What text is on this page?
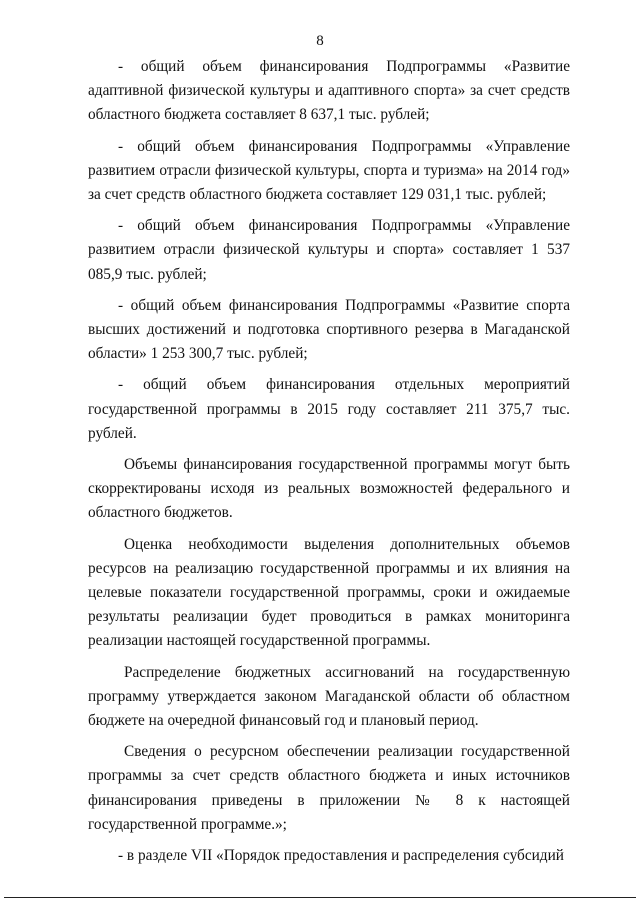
8

- общий объем финансирования Подпрограммы «Развитие адаптивной физической культуры и адаптивного спорта» за счет средств областного бюджета составляет 8 637,1 тыс. рублей;

- общий объем финансирования Подпрограммы «Управление развитием отрасли физической культуры, спорта и туризма» на 2014 год» за счет средств областного бюджета составляет 129 031,1 тыс. рублей;

- общий объем финансирования Подпрограммы «Управление развитием отрасли физической культуры и спорта» составляет 1 537 085,9 тыс. рублей;

- общий объем финансирования Подпрограммы «Развитие спорта высших достижений и подготовка спортивного резерва в Магаданской области» 1 253 300,7 тыс. рублей;

- общий объем финансирования отдельных мероприятий государственной программы в 2015 году составляет 211 375,7 тыс. рублей.

Объемы финансирования государственной программы могут быть скорректированы исходя из реальных возможностей федерального и областного бюджетов.

Оценка необходимости выделения дополнительных объемов ресурсов на реализацию государственной программы и их влияния на целевые показатели государственной программы, сроки и ожидаемые результаты реализации будет проводиться в рамках мониторинга реализации настоящей государственной программы.

Распределение бюджетных ассигнований на государственную программу утверждается законом Магаданской области об областном бюджете на очередной финансовый год и плановый период.

Сведения о ресурсном обеспечении реализации государственной программы за счет средств областного бюджета и иных источников финансирования приведены в приложении № 8 к настоящей государственной программе.»;

- в разделе VII «Порядок предоставления и распределения субсидий
